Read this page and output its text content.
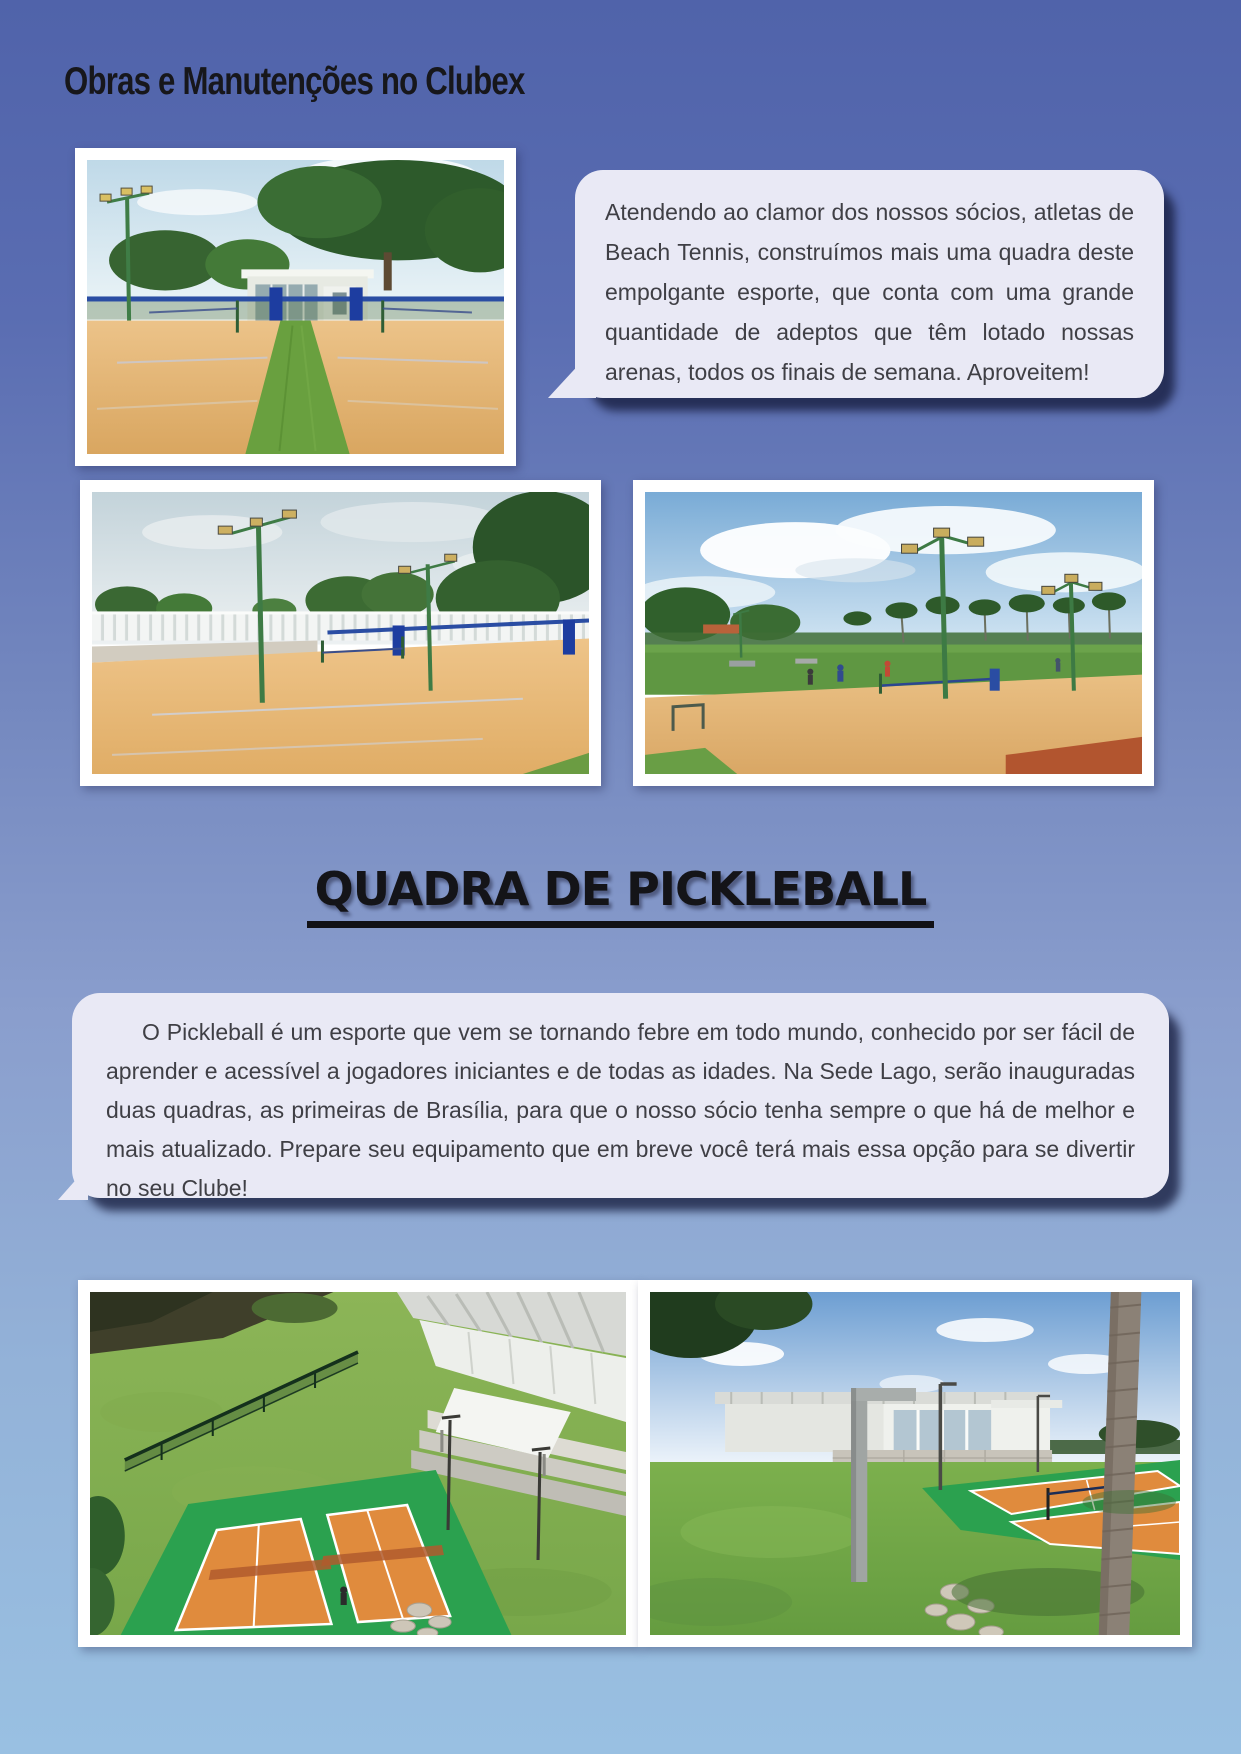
Obras e Manutenções no Clubex

Atendendo ao clamor dos nossos sócios, atletas de Beach Tennis, construímos mais uma quadra deste empolgante esporte, que conta com uma grande quantidade de adeptos que têm lotado nossas arenas, todos os finais de semana. Aproveitem!

QUADRA DE PICKLEBALL

O Pickleball é um esporte que vem se tornando febre em todo mundo, conhecido por ser fácil de aprender e acessível a jogadores iniciantes e de todas as idades. Na Sede Lago, serão inauguradas duas quadras, as primeiras de Brasília, para que o nosso sócio tenha sempre o que há de melhor e mais atualizado. Prepare seu equipamento que em breve você terá mais essa opção para se divertir no seu Clube!
